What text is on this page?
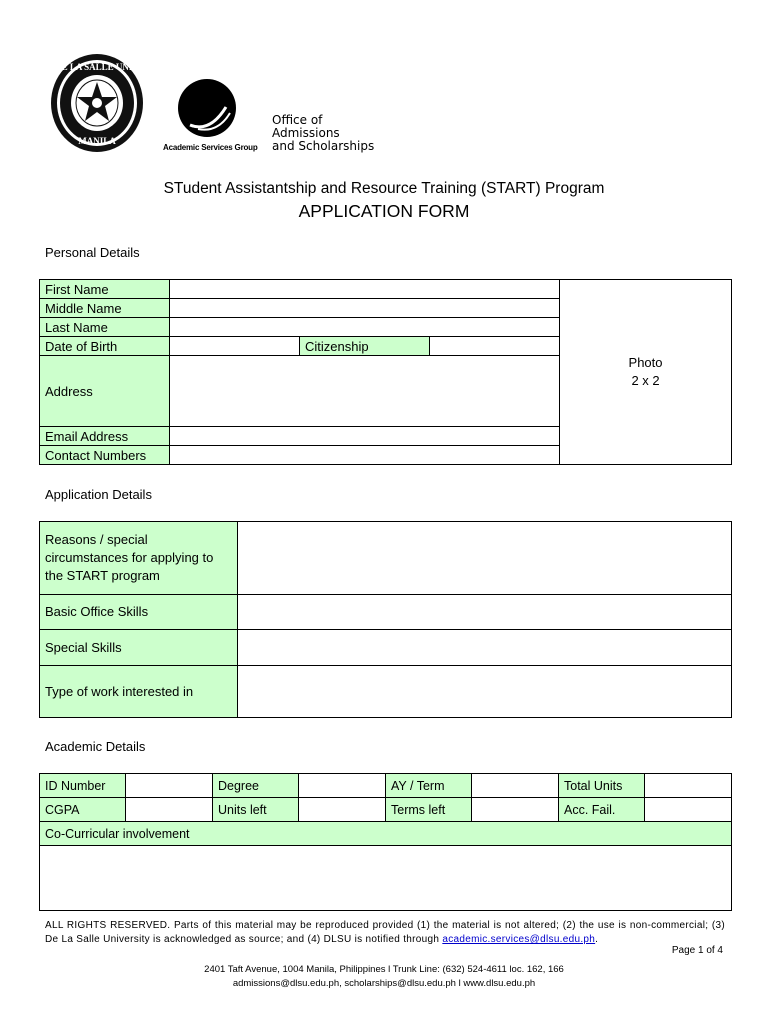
DE LA SALLE UNIV
MANILA
Academic Services Group
Office of
Admissions
and Scholarships
STudent Assistantship and Resource Training (START) Program
APPLICATION FORM
Personal Details
First Name				Photo
2 x 2

Middle Name				
Last Name				
Date of Birth		Citizenship		
Address				
Email Address				
Contact Numbers				
Application Details
Reasons / special circumstances for applying to the START program	
Basic Office Skills	
Special Skills	
Type of work interested in	
Academic Details
ID Number		Degree		AY / Term		Total Units	
CGPA		Units left		Terms left		Acc. Fail.	
Co-Curricular involvement							

ALL RIGHTS RESERVED. Parts of this material may be reproduced provided (1) the material is not altered; (2) the use is non-commercial; (3) De La Salle University is acknowledged as source; and (4) DLSU is notified through academic.services@dlsu.edu.ph.
Page 1 of 4
2401 Taft Avenue, 1004 Manila, Philippines l Trunk Line: (632) 524-4611 loc. 162, 166
admissions@dlsu.edu.ph, scholarships@dlsu.edu.ph l www.dlsu.edu.ph
